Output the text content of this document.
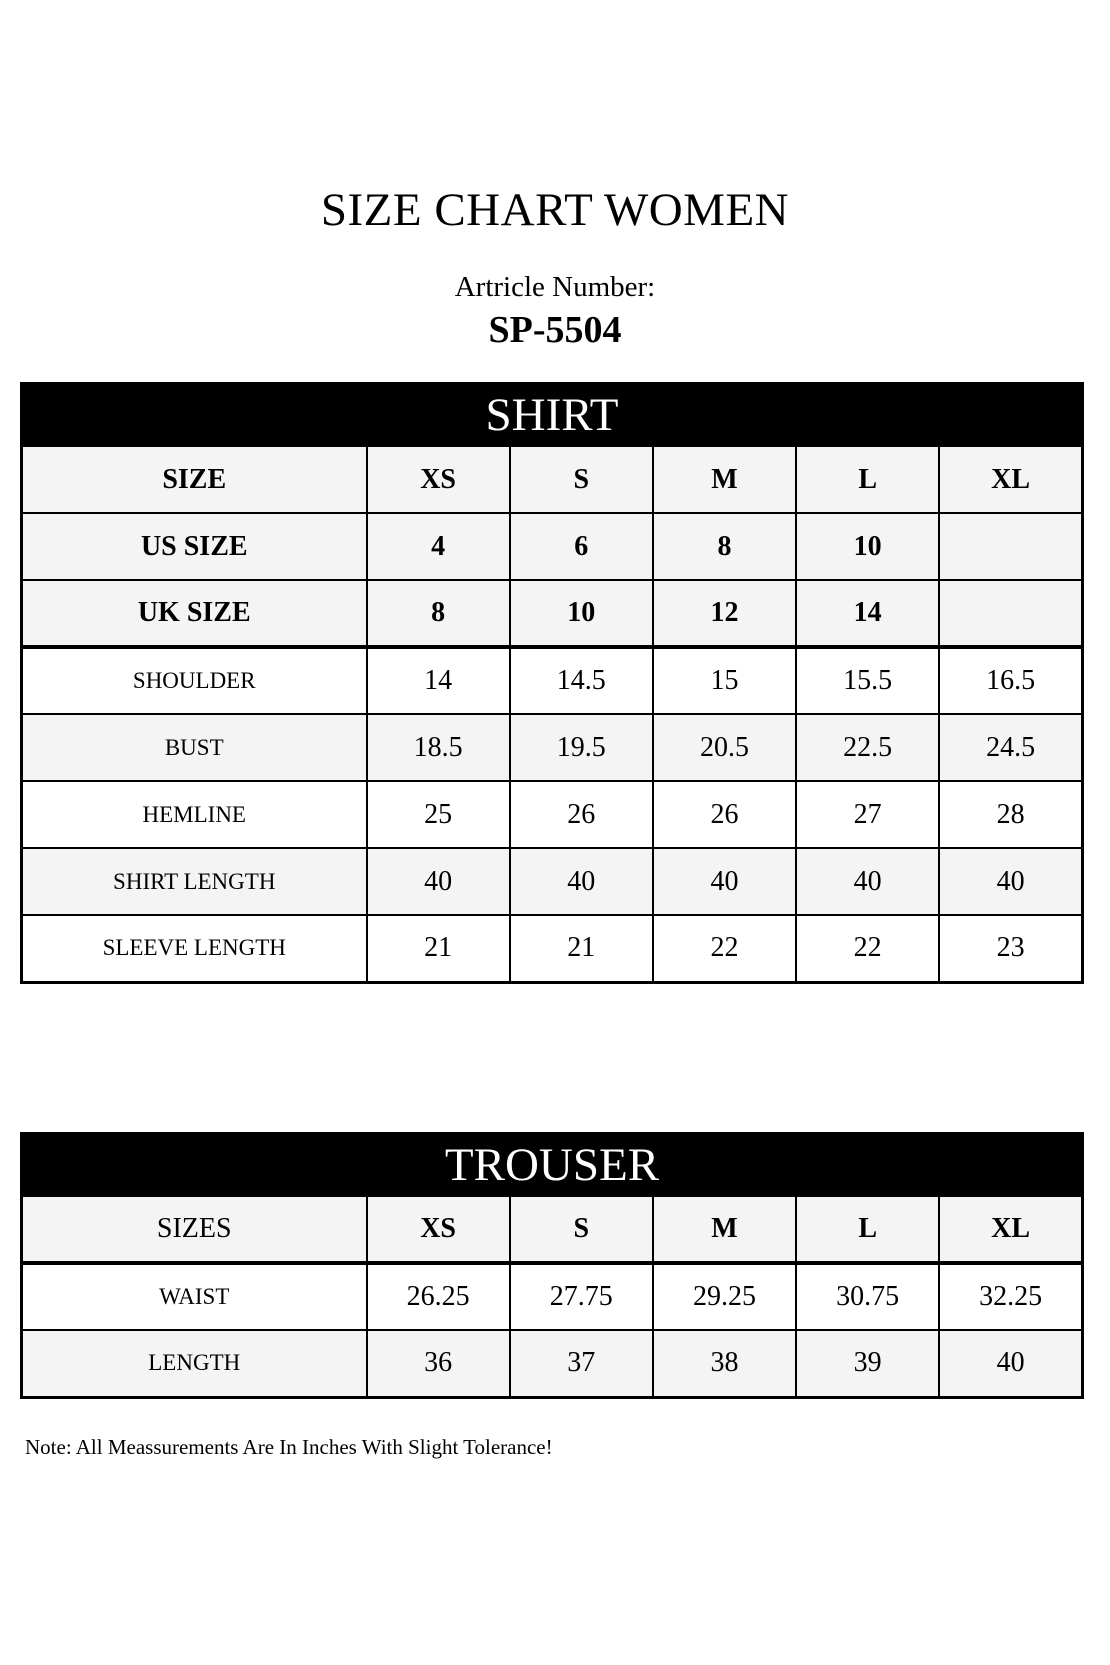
SIZE CHART WOMEN
Artricle Number:
SP-5504
SHIRT					
SIZE	XS	S	M	L	XL
US SIZE	4	6	8	10	
UK SIZE	8	10	12	14	
SHOULDER	14	14.5	15	15.5	16.5
BUST	18.5	19.5	20.5	22.5	24.5
HEMLINE	25	26	26	27	28
SHIRT LENGTH	40	40	40	40	40
SLEEVE LENGTH	21	21	22	22	23
TROUSER					
SIZES	XS	S	M	L	XL
WAIST	26.25	27.75	29.25	30.75	32.25
LENGTH	36	37	38	39	40
Note: All Meassurements Are In Inches With Slight Tolerance!
